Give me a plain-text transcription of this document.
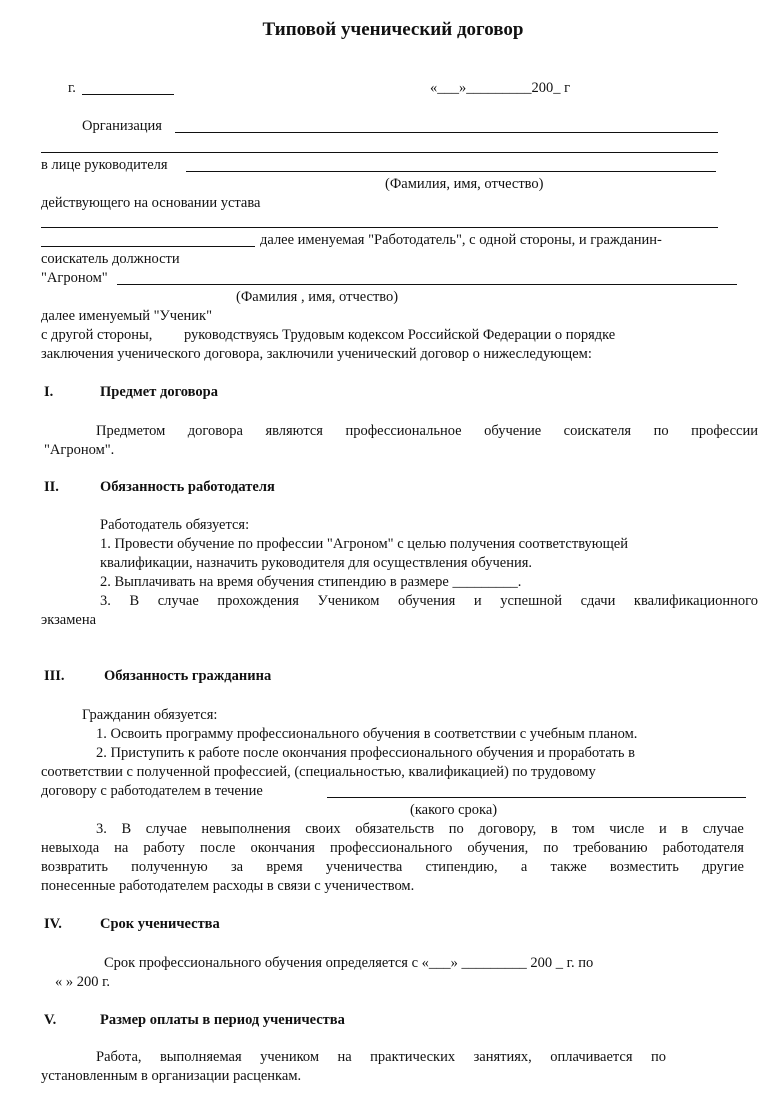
Типовой ученический договор
г.	«___»_________200_ г
Организация
в лице руководителя
(Фамилия, имя, отчество)
действующего на основании устава
далее именуемая "Работодатель", с одной стороны, и гражданин-
соискатель должности
"Агроном"
(Фамилия , имя, отчество)
далее именуемый "Ученик"
с другой стороны, руководствуясь Трудовым кодексом Российской Федерации о порядке
заключения ученического договора, заключили ученический договор о нижеследующем:
I.	Предмет договора
Предметом договора являются профессиональное обучение соискателя по профессии
"Агроном".
II.	Обязанность работодателя
Работодатель обязуется:
1. Провести обучение по профессии "Агроном" с целью получения соответствующей
квалификации, назначить руководителя для осуществления обучения.
2. Выплачивать на время обучения стипендию в размере _________.
3. В случае прохождения Учеником обучения и успешной сдачи квалификационного
экзамена
III.	Обязанность гражданина
Гражданин обязуется:
1. Освоить программу профессионального обучения в соответствии с учебным планом.
2. Приступить к работе после окончания профессионального обучения и проработать в
соответствии с полученной профессией, (специальностью, квалификацией) по трудовому
договору с работодателем в течение
(какого срока)
3. В случае невыполнения своих обязательств по договору, в том числе и в случае
невыхода на работу после окончания профессионального обучения, по требованию работодателя
возвратить полученную за время ученичества стипендию, а также возместить другие
понесенные работодателем расходы в связи с ученичеством.
IV.	Срок ученичества
Срок профессионального обучения определяется с «___» _________ 200 _ г. по
« » 200 г.
V.	Размер оплаты в период ученичества
Работа, выполняемая учеником на практических занятиях, оплачивается по
установленным в организации расценкам.
